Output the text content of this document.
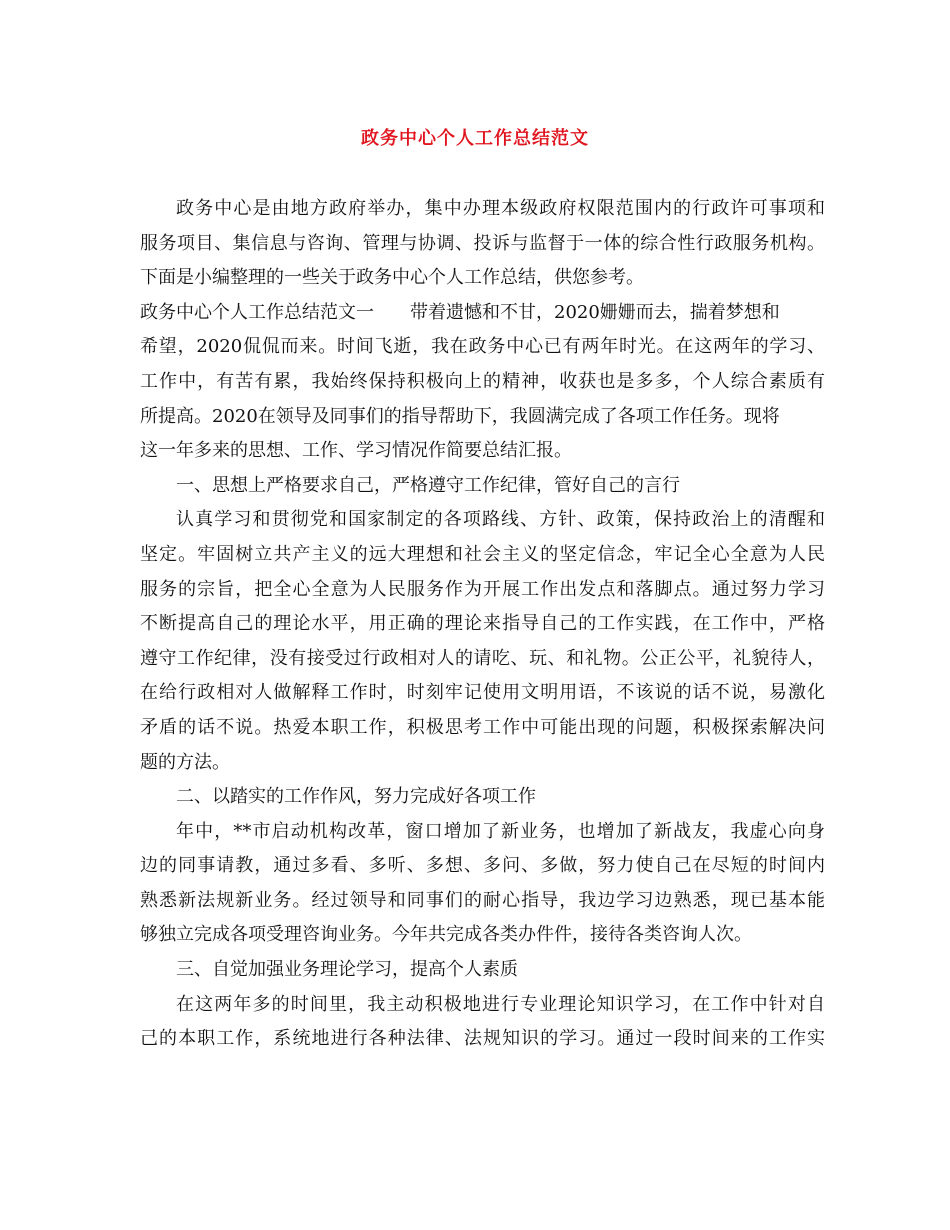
政务中心个人工作总结范文
政务中心是由地方政府举办，集中办理本级政府权限范围内的行政许可事项和
服务项目、集信息与咨询、管理与协调、投诉与监督于一体的综合性行政服务机构。
下面是小编整理的一些关于政务中心个人工作总结，供您参考。
政务中心个人工作总结范文一　　带着遗憾和不甘，2020姗姗而去，揣着梦想和
希望，2020侃侃而来。时间飞逝，我在政务中心已有两年时光。在这两年的学习、
工作中，有苦有累，我始终保持积极向上的精神，收获也是多多，个人综合素质有
所提高。2020在领导及同事们的指导帮助下，我圆满完成了各项工作任务。现将
这一年多来的思想、工作、学习情况作简要总结汇报。
一、思想上严格要求自己，严格遵守工作纪律，管好自己的言行
认真学习和贯彻党和国家制定的各项路线、方针、政策，保持政治上的清醒和
坚定。牢固树立共产主义的远大理想和社会主义的坚定信念，牢记全心全意为人民
服务的宗旨，把全心全意为人民服务作为开展工作出发点和落脚点。通过努力学习
不断提高自己的理论水平，用正确的理论来指导自己的工作实践，在工作中，严格
遵守工作纪律，没有接受过行政相对人的请吃、玩、和礼物。公正公平，礼貌待人，
在给行政相对人做解释工作时，时刻牢记使用文明用语，不该说的话不说，易激化
矛盾的话不说。热爱本职工作，积极思考工作中可能出现的问题，积极探索解决问
题的方法。
二、以踏实的工作作风，努力完成好各项工作
年中，**市启动机构改革，窗口增加了新业务，也增加了新战友，我虚心向身
边的同事请教，通过多看、多听、多想、多问、多做，努力使自己在尽短的时间内
熟悉新法规新业务。经过领导和同事们的耐心指导，我边学习边熟悉，现已基本能
够独立完成各项受理咨询业务。今年共完成各类办件件，接待各类咨询人次。
三、自觉加强业务理论学习，提高个人素质
在这两年多的时间里，我主动积极地进行专业理论知识学习，在工作中针对自
己的本职工作，系统地进行各种法律、法规知识的学习。通过一段时间来的工作实
